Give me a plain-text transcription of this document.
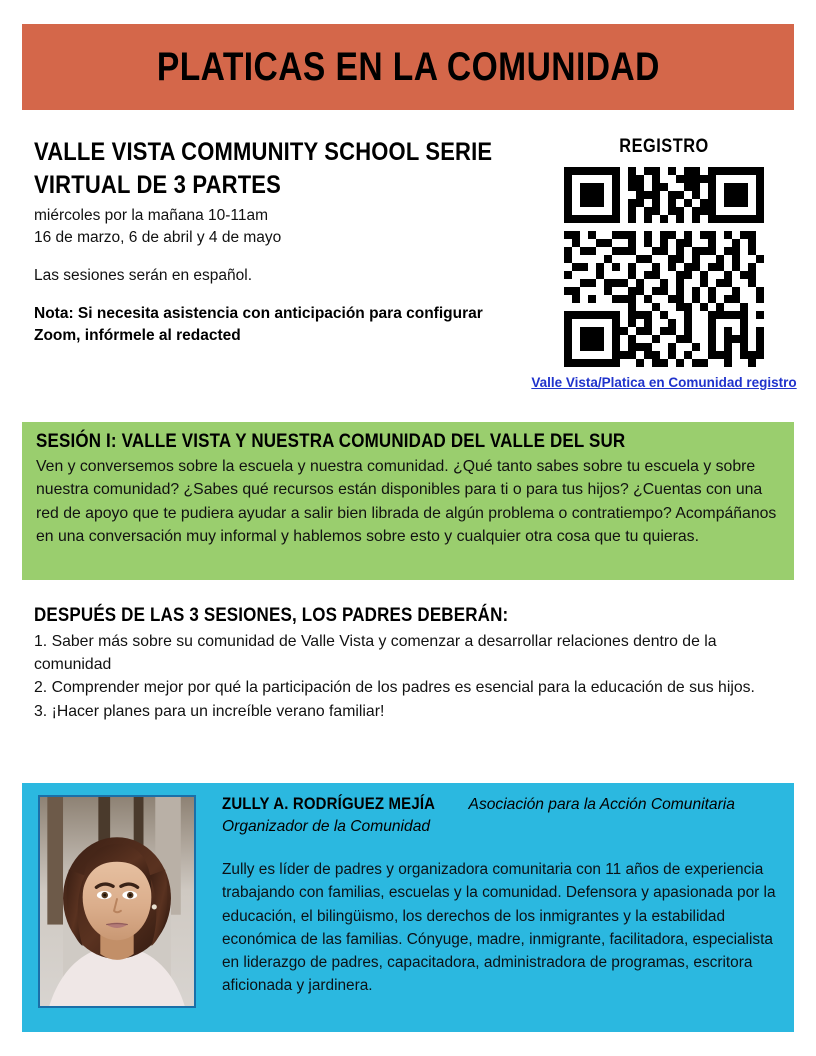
PLATICAS EN LA COMUNIDAD
VALLE VISTA COMMUNITY SCHOOL SERIE VIRTUAL DE 3 PARTES
miércoles por la mañana 10-11am
16 de marzo, 6 de abril y 4 de mayo
Las sesiones serán en español.
Nota: Si necesita asistencia con anticipación para configurar Zoom, infórmele al redacted
REGISTRO
Valle Vista/Platica en Comunidad registro
SESIÓN I: VALLE VISTA Y NUESTRA COMUNIDAD DEL VALLE DEL SUR
Ven y conversemos sobre la escuela y nuestra comunidad. ¿Qué tanto sabes sobre tu escuela y sobre nuestra comunidad? ¿Sabes qué recursos están disponibles para ti o para tus hijos? ¿Cuentas con una red de apoyo que te pudiera ayudar a salir bien librada de algún problema o contratiempo? Acompáñanos en una conversación muy informal y hablemos sobre esto y cualquier otra cosa que tu quieras.
DESPUÉS DE LAS 3 SESIONES, LOS PADRES DEBERÁN:
1. Saber más sobre su comunidad de Valle Vista y comenzar a desarrollar relaciones dentro de la comunidad
2. Comprender mejor por qué la participación de los padres es esencial para la educación de sus hijos.
3. ¡Hacer planes para un increíble verano familiar!
ZULLY A. RODRÍGUEZ MEJÍA Asociación para la Acción Comunitaria
Organizador de la Comunidad
Zully es líder de padres y organizadora comunitaria con 11 años de experiencia trabajando con familias, escuelas y la comunidad. Defensora y apasionada por la educación, el bilingüismo, los derechos de los inmigrantes y la estabilidad económica de las familias. Cónyuge, madre, inmigrante, facilitadora, especialista en liderazgo de padres, capacitadora, administradora de programas, escritora aficionada y jardinera.
